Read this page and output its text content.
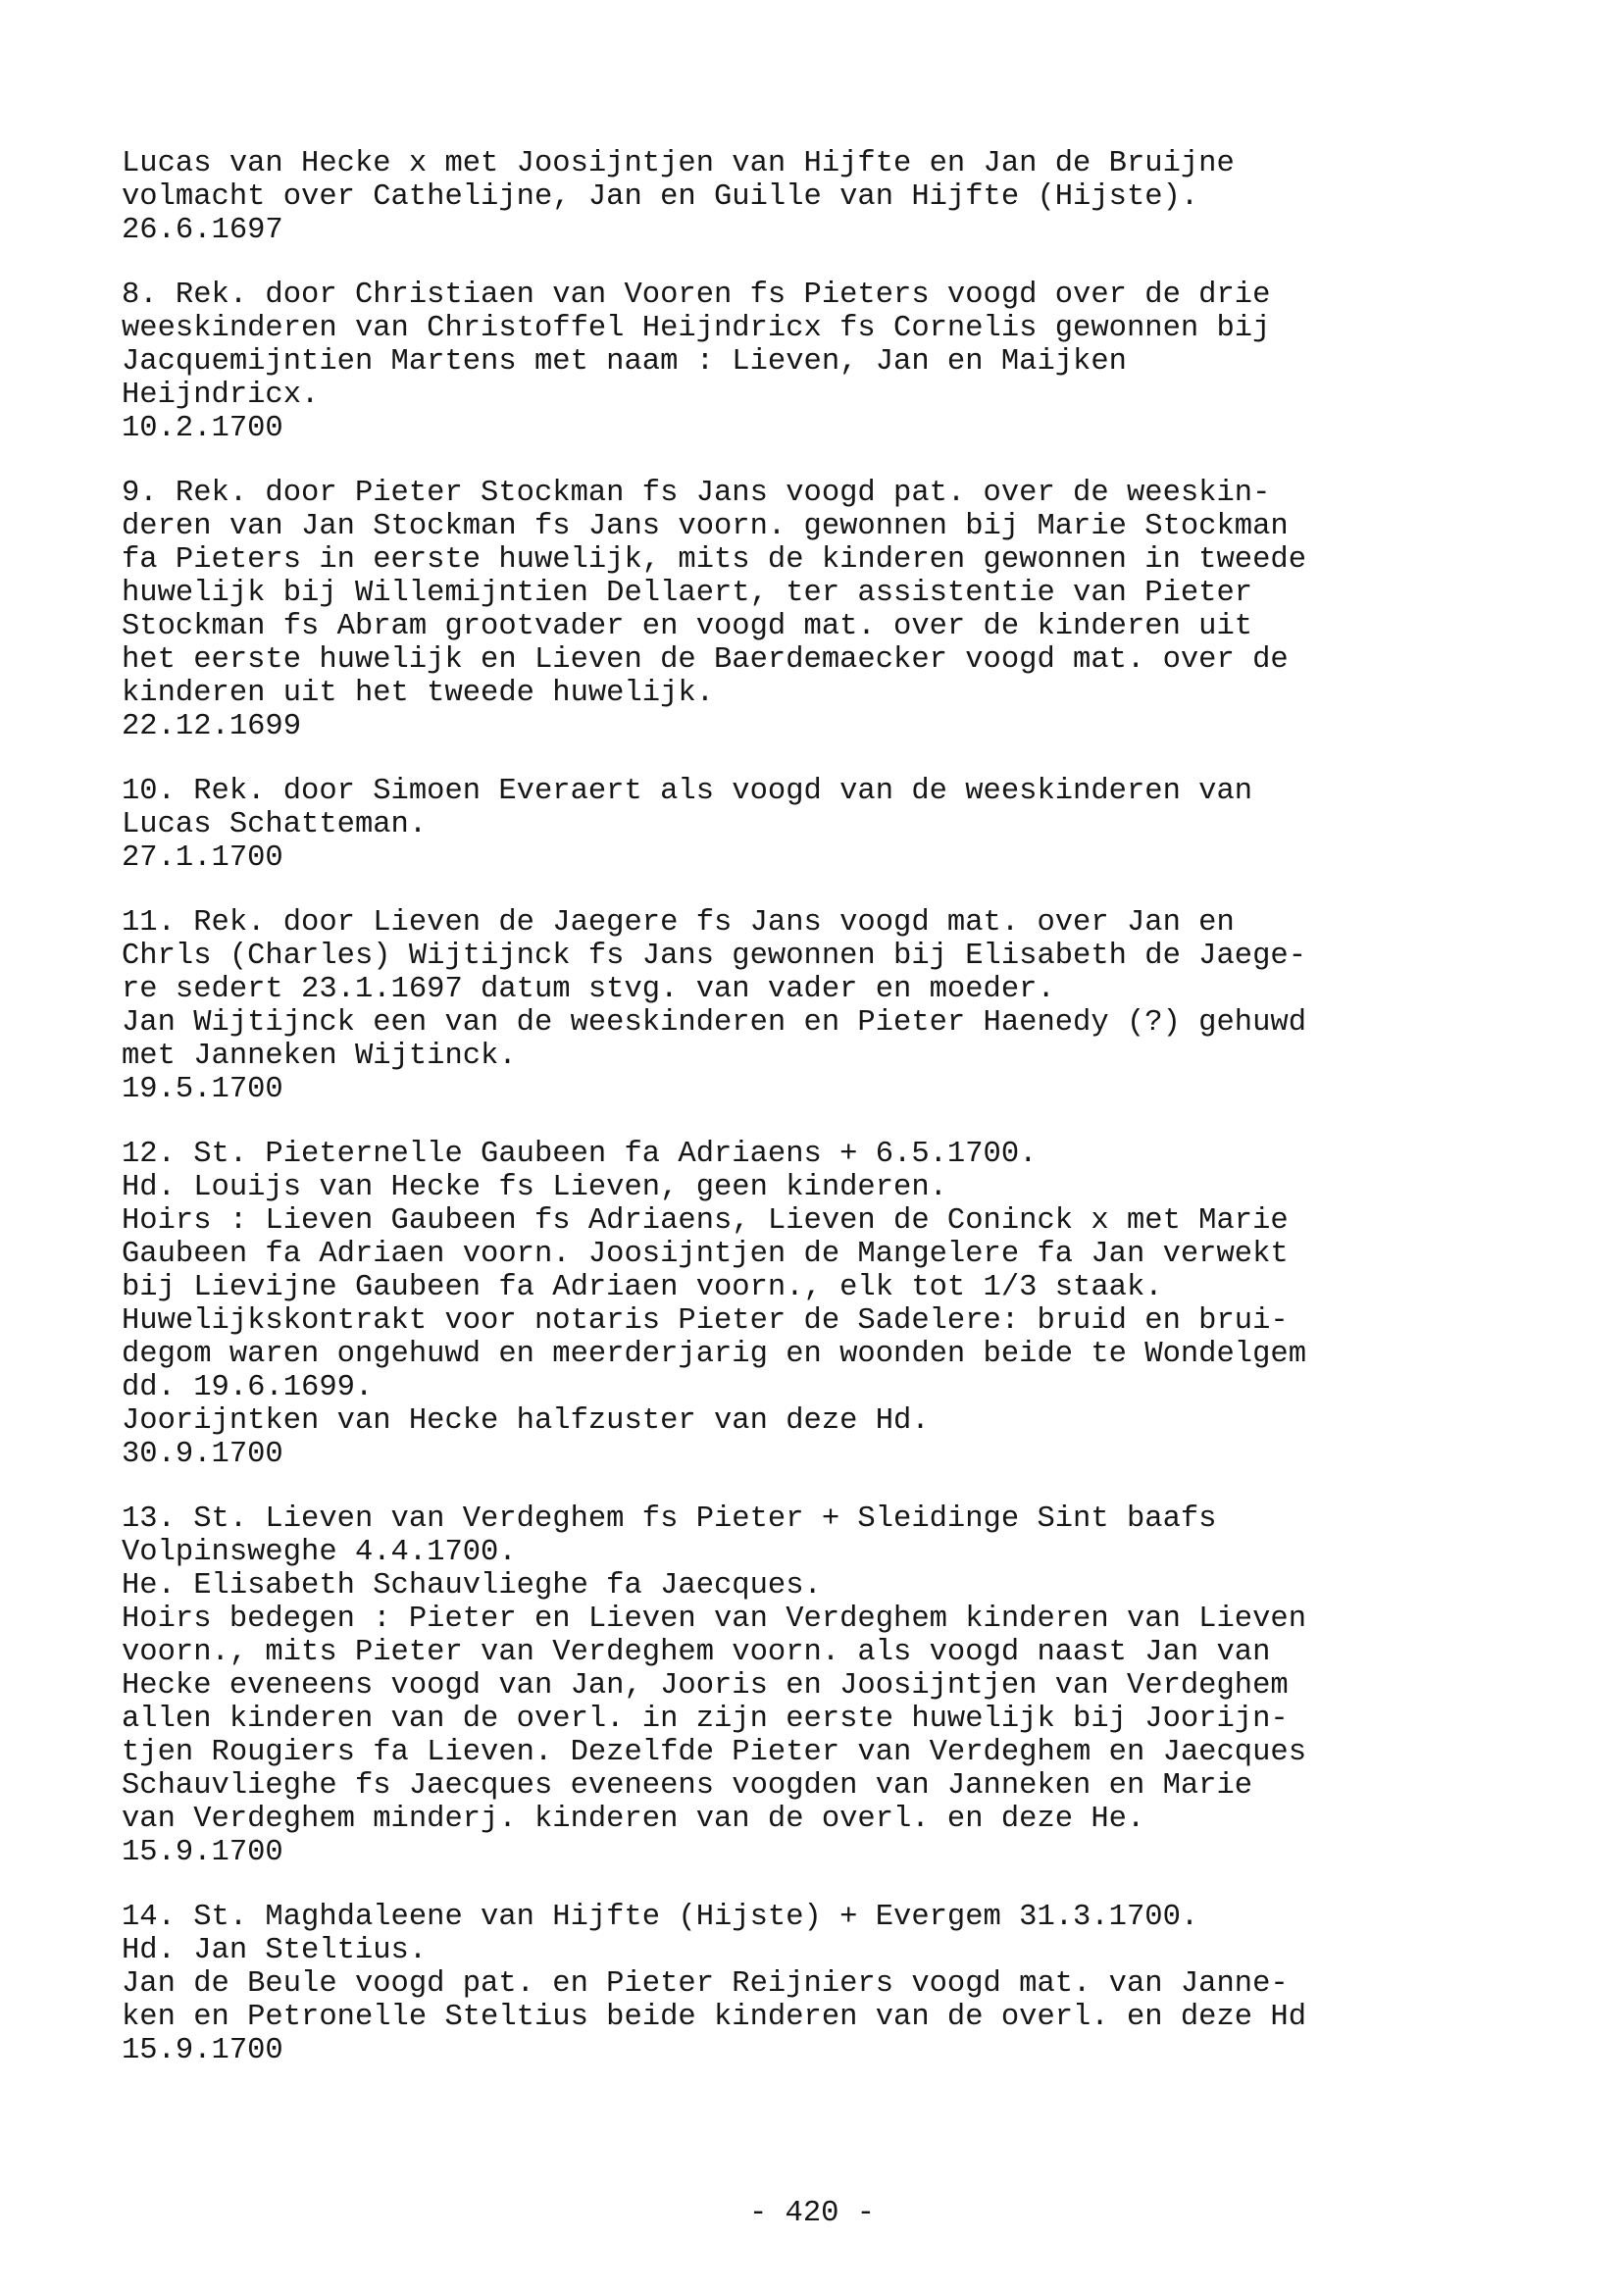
Lucas van Hecke x met Joosijntjen van Hijfte en Jan de Bruijne
volmacht over Cathelijne, Jan en Guille van Hijfte (Hijste).
26.6.1697
8. Rek. door Christiaen van Vooren fs Pieters voogd over de drie
weeskinderen van Christoffel Heijndricx fs Cornelis gewonnen bij
Jacquemijntien Martens met naam : Lieven, Jan en Maijken
Heijndricx.
10.2.1700
9. Rek. door Pieter Stockman fs Jans voogd pat. over de weeskin-
deren van Jan Stockman fs Jans voorn. gewonnen bij Marie Stockman
fa Pieters in eerste huwelijk, mits de kinderen gewonnen in tweede
huwelijk bij Willemijntien Dellaert, ter assistentie van Pieter
Stockman fs Abram grootvader en voogd mat. over de kinderen uit
het eerste huwelijk en Lieven de Baerdemaecker voogd mat. over de
kinderen uit het tweede huwelijk.
22.12.1699
10. Rek. door Simoen Everaert als voogd van de weeskinderen van
Lucas Schatteman.
27.1.1700
11. Rek. door Lieven de Jaegere fs Jans voogd mat. over Jan en
Chrls (Charles) Wijtijnck fs Jans gewonnen bij Elisabeth de Jaege-
re sedert 23.1.1697 datum stvg. van vader en moeder.
Jan Wijtijnck een van de weeskinderen en Pieter Haenedy (?) gehuwd
met Janneken Wijtinck.
19.5.1700
12. St. Pieternelle Gaubeen fa Adriaens + 6.5.1700.
Hd. Louijs van Hecke fs Lieven, geen kinderen.
Hoirs : Lieven Gaubeen fs Adriaens, Lieven de Coninck x met Marie
Gaubeen fa Adriaen voorn. Joosijntjen de Mangelere fa Jan verwekt
bij Lievijne Gaubeen fa Adriaen voorn., elk tot 1/3 staak.
Huwelijkskontrakt voor notaris Pieter de Sadelere: bruid en brui-
degom waren ongehuwd en meerderjarig en woonden beide te Wondelgem
dd. 19.6.1699.
Joorijntken van Hecke halfzuster van deze Hd.
30.9.1700
13. St. Lieven van Verdeghem fs Pieter + Sleidinge Sint baafs
Volpinsweghe 4.4.1700.
He. Elisabeth Schauvlieghe fa Jaecques.
Hoirs bedegen : Pieter en Lieven van Verdeghem kinderen van Lieven
voorn., mits Pieter van Verdeghem voorn. als voogd naast Jan van
Hecke eveneens voogd van Jan, Jooris en Joosijntjen van Verdeghem
allen kinderen van de overl. in zijn eerste huwelijk bij Joorijn-
tjen Rougiers fa Lieven. Dezelfde Pieter van Verdeghem en Jaecques
Schauvlieghe fs Jaecques eveneens voogden van Janneken en Marie
van Verdeghem minderj. kinderen van de overl. en deze He.
15.9.1700
14. St. Maghdaleene van Hijfte (Hijste) + Evergem 31.3.1700.
Hd. Jan Steltius.
Jan de Beule voogd pat. en Pieter Reijniers voogd mat. van Janne-
ken en Petronelle Steltius beide kinderen van de overl. en deze Hd
15.9.1700
- 420 -
